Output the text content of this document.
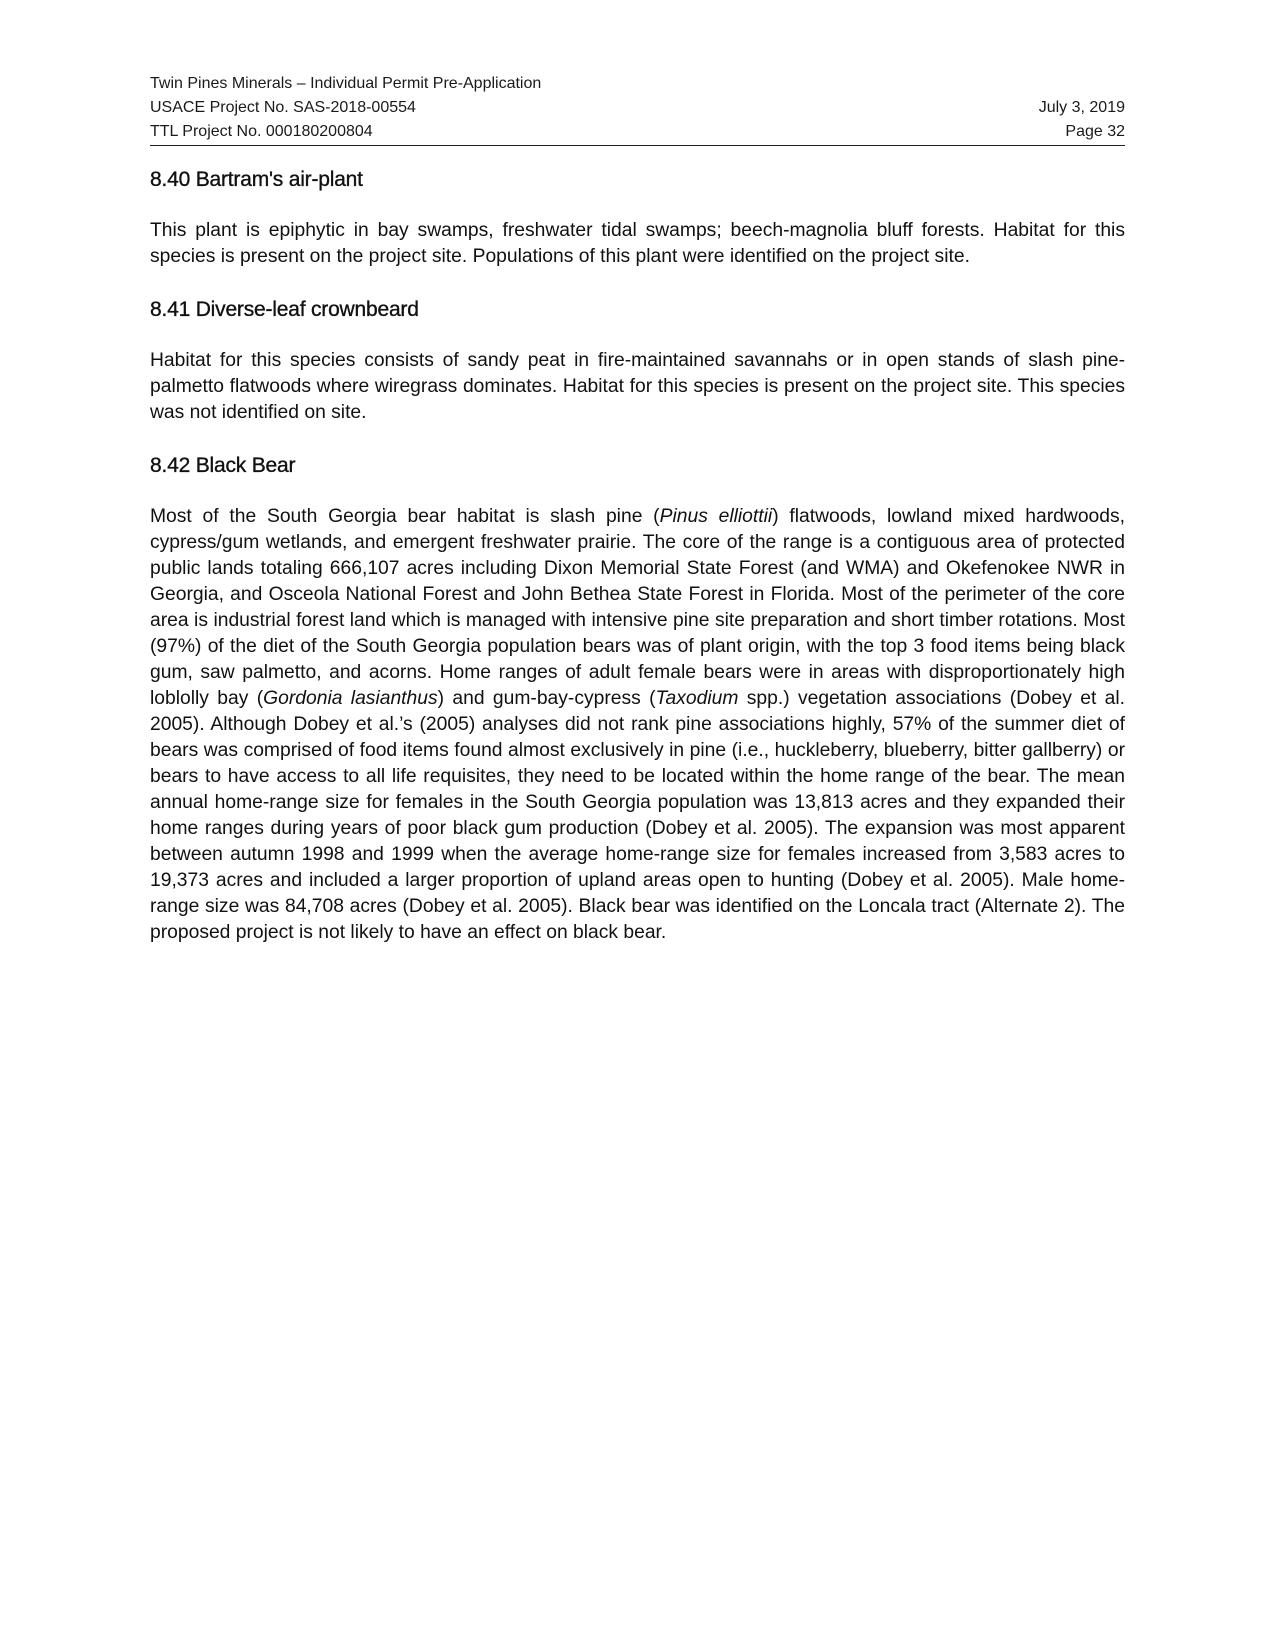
Twin Pines Minerals – Individual Permit Pre-Application
USACE Project No. SAS-2018-00554	July 3, 2019
TTL Project No. 000180200804	Page 32
8.40 Bartram's air-plant

This plant is epiphytic in bay swamps, freshwater tidal swamps; beech-magnolia bluff forests. Habitat for this species is present on the project site. Populations of this plant were identified on the project site.

8.41 Diverse-leaf crownbeard

Habitat for this species consists of sandy peat in fire-maintained savannahs or in open stands of slash pine-palmetto flatwoods where wiregrass dominates. Habitat for this species is present on the project site. This species was not identified on site.

8.42 Black Bear

Most of the South Georgia bear habitat is slash pine (Pinus elliottii) flatwoods, lowland mixed hardwoods, cypress/gum wetlands, and emergent freshwater prairie. The core of the range is a contiguous area of protected public lands totaling 666,107 acres including Dixon Memorial State Forest (and WMA) and Okefenokee NWR in Georgia, and Osceola National Forest and John Bethea State Forest in Florida. Most of the perimeter of the core area is industrial forest land which is managed with intensive pine site preparation and short timber rotations. Most (97%) of the diet of the South Georgia population bears was of plant origin, with the top 3 food items being black gum, saw palmetto, and acorns. Home ranges of adult female bears were in areas with disproportionately high loblolly bay (Gordonia lasianthus) and gum-bay-cypress (Taxodium spp.) vegetation associations (Dobey et al. 2005). Although Dobey et al.’s (2005) analyses did not rank pine associations highly, 57% of the summer diet of bears was comprised of food items found almost exclusively in pine (i.e., huckleberry, blueberry, bitter gallberry) or bears to have access to all life requisites, they need to be located within the home range of the bear. The mean annual home-range size for females in the South Georgia population was 13,813 acres and they expanded their home ranges during years of poor black gum production (Dobey et al. 2005). The expansion was most apparent between autumn 1998 and 1999 when the average home-range size for females increased from 3,583 acres to 19,373 acres and included a larger proportion of upland areas open to hunting (Dobey et al. 2005). Male home-range size was 84,708 acres (Dobey et al. 2005). Black bear was identified on the Loncala tract (Alternate 2). The proposed project is not likely to have an effect on black bear.
